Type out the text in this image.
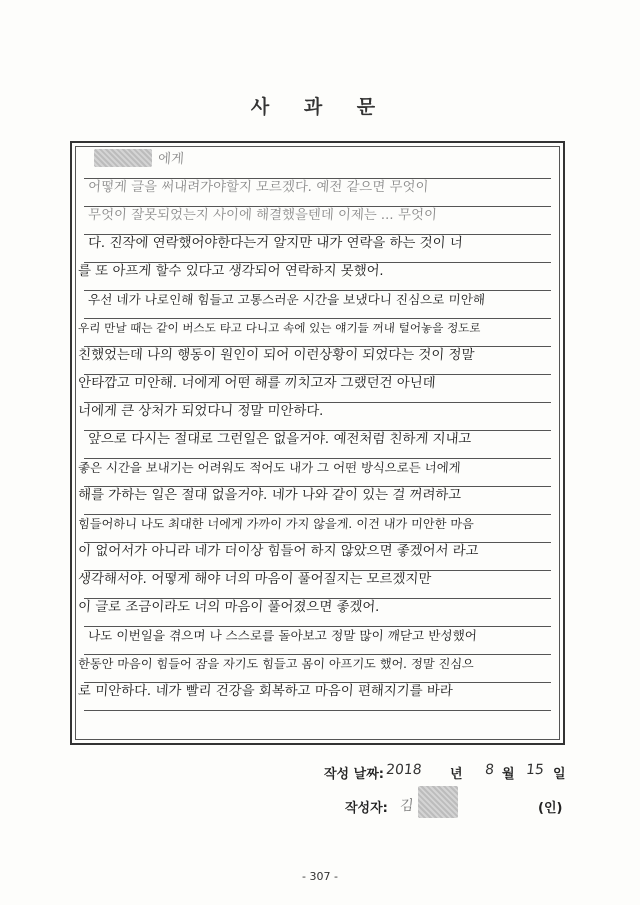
사 과 문
에게
어떻게 글을 써내려가야할지 모르겠다. 예전 같으면 무엇이
무엇이 잘못되었는지 사이에 해결했을텐데 이제는 ... 무엇이
다. 진작에 연락했어야한다는거 알지만 내가 연락을 하는 것이 너
를 또 아프게 할수 있다고 생각되어 연락하지 못했어.
우선 네가 나로인해 힘들고 고통스러운 시간을 보냈다니 진심으로 미안해
우리 만날 때는 같이 버스도 타고 다니고 속에 있는 얘기들 꺼내 털어놓을 정도로
친했었는데 나의 행동이 원인이 되어 이런상황이 되었다는 것이 정말
안타깝고 미안해. 너에게 어떤 해를 끼치고자 그랬던건 아닌데
너에게 큰 상처가 되었다니 정말 미안하다.
앞으로 다시는 절대로 그런일은 없을거야. 예전처럼 친하게 지내고
좋은 시간을 보내기는 어려워도 적어도 내가 그 어떤 방식으로든 너에게
해를 가하는 일은 절대 없을거야. 네가 나와 같이 있는 걸 꺼려하고
힘들어하니 나도 최대한 너에게 가까이 가지 않을게. 이건 내가 미안한 마음
이 없어서가 아니라 네가 더이상 힘들어 하지 않았으면 좋겠어서 라고
생각해서야. 어떻게 해야 너의 마음이 풀어질지는 모르겠지만
이 글로 조금이라도 너의 마음이 풀어졌으면 좋겠어.
나도 이번일을 겪으며 나 스스로를 돌아보고 정말 많이 깨닫고 반성했어
한동안 마음이 힘들어 잠을 자기도 힘들고 몸이 아프기도 했어. 정말 진심으
로 미안하다. 네가 빨리 건강을 회복하고 마음이 편해지기를 바라
작성 날짜: 2018 년 8 월 15 일
작성자: 김	(인)
- 307 -
